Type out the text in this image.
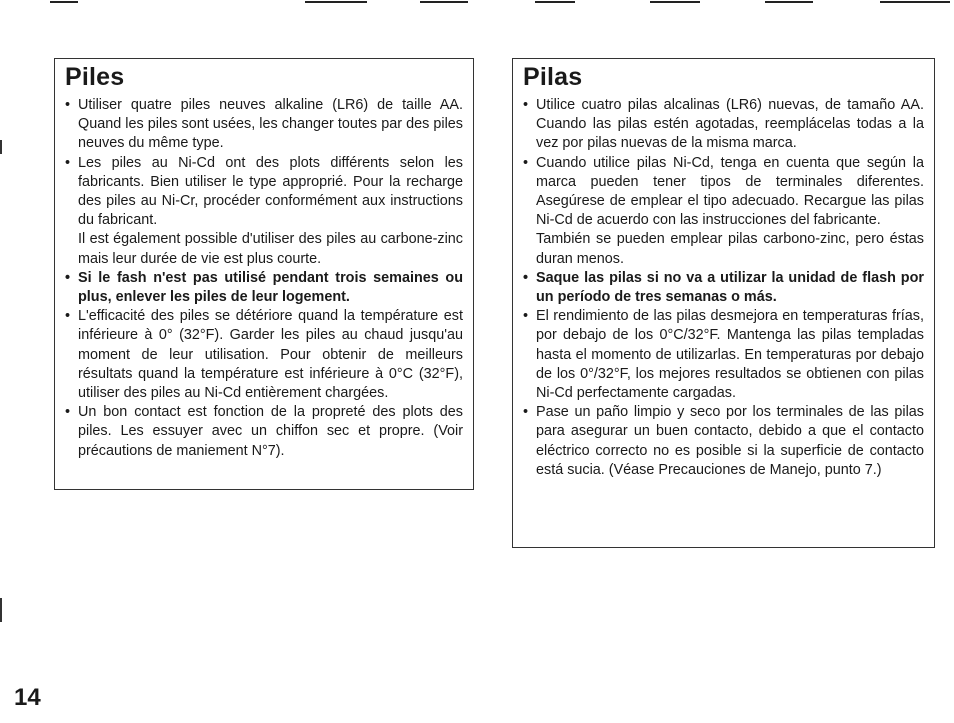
Piles

• Utiliser quatre piles neuves alkaline (LR6) de taille AA. Quand les piles sont usées, les changer toutes par des piles neuves du même type.

• Les piles au Ni-Cd ont des plots différents selon les fabricants. Bien utiliser le type approprié. Pour la recharge des piles au Ni-Cr, procéder conformément aux instructions du fabricant.

Il est également possible d'utiliser des piles au carbone-zinc mais leur durée de vie est plus courte.

• Si le fash n'est pas utilisé pendant trois semaines ou plus, enlever les piles de leur logement.

• L'efficacité des piles se détériore quand la température est inférieure à 0° (32°F). Garder les piles au chaud jusqu'au moment de leur utilisation. Pour obtenir de meilleurs résultats quand la température est inférieure à 0°C (32°F), utiliser des piles au Ni-Cd entièrement chargées.

• Un bon contact est fonction de la propreté des plots des piles. Les essuyer avec un chiffon sec et propre. (Voir précautions de maniement N°7).

Pilas

• Utilice cuatro pilas alcalinas (LR6) nuevas, de tamaño AA. Cuando las pilas estén agotadas, reemplácelas todas a la vez por pilas nuevas de la misma marca.

• Cuando utilice pilas Ni-Cd, tenga en cuenta que según la marca pueden tener tipos de terminales diferentes. Asegúrese de emplear el tipo adecuado. Recargue las pilas Ni-Cd de acuerdo con las instrucciones del fabricante.

También se pueden emplear pilas carbono-zinc, pero éstas duran menos.

• Saque las pilas si no va a utilizar la unidad de flash por un período de tres semanas o más.

• El rendimiento de las pilas desmejora en temperaturas frías, por debajo de los 0°C/32°F. Mantenga las pilas templadas hasta el momento de utilizarlas. En temperaturas por debajo de los 0°/32°F, los mejores resultados se obtienen con pilas Ni-Cd perfectamente cargadas.

• Pase un paño limpio y seco por los terminales de las pilas para asegurar un buen contacto, debido a que el contacto eléctrico correcto no es posible si la superficie de contacto está sucia. (Véase Precauciones de Manejo, punto 7.)

14
